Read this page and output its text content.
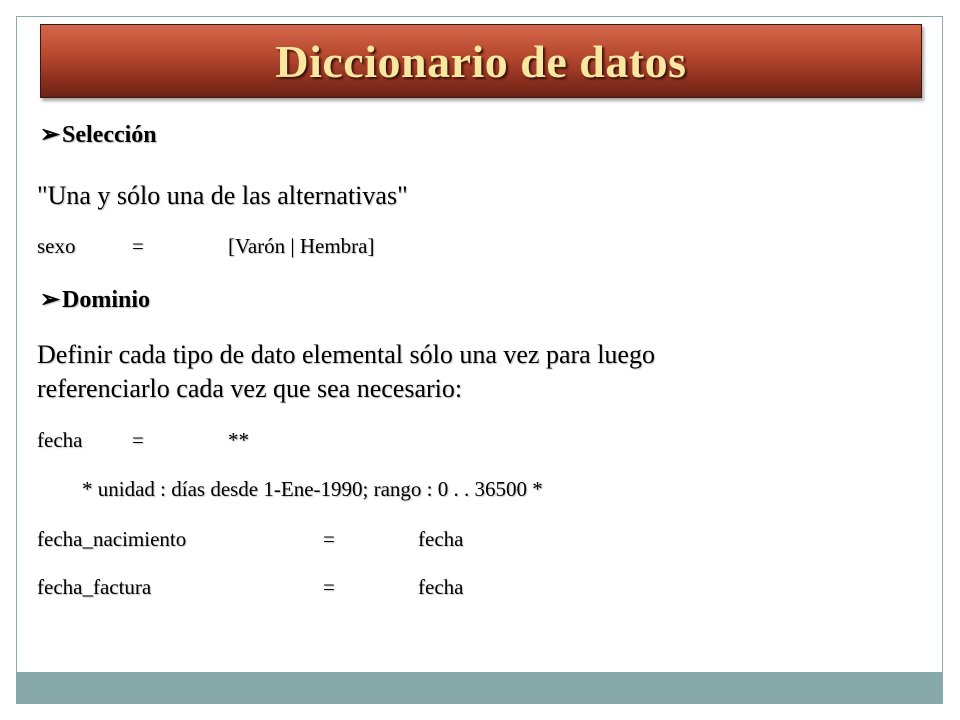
Diccionario de datos
➢Selección
"Una y sólo una de las alternativas"
sexo	=	[Varón | Hembra]
➢Dominio
Definir cada tipo de dato elemental sólo una vez para luego
referenciarlo cada vez que sea necesario:
fecha =	**
* unidad : días desde 1-Ene-1990; rango : 0 . . 36500 *
fecha_nacimiento	=	fecha
fecha_factura	=	fecha
